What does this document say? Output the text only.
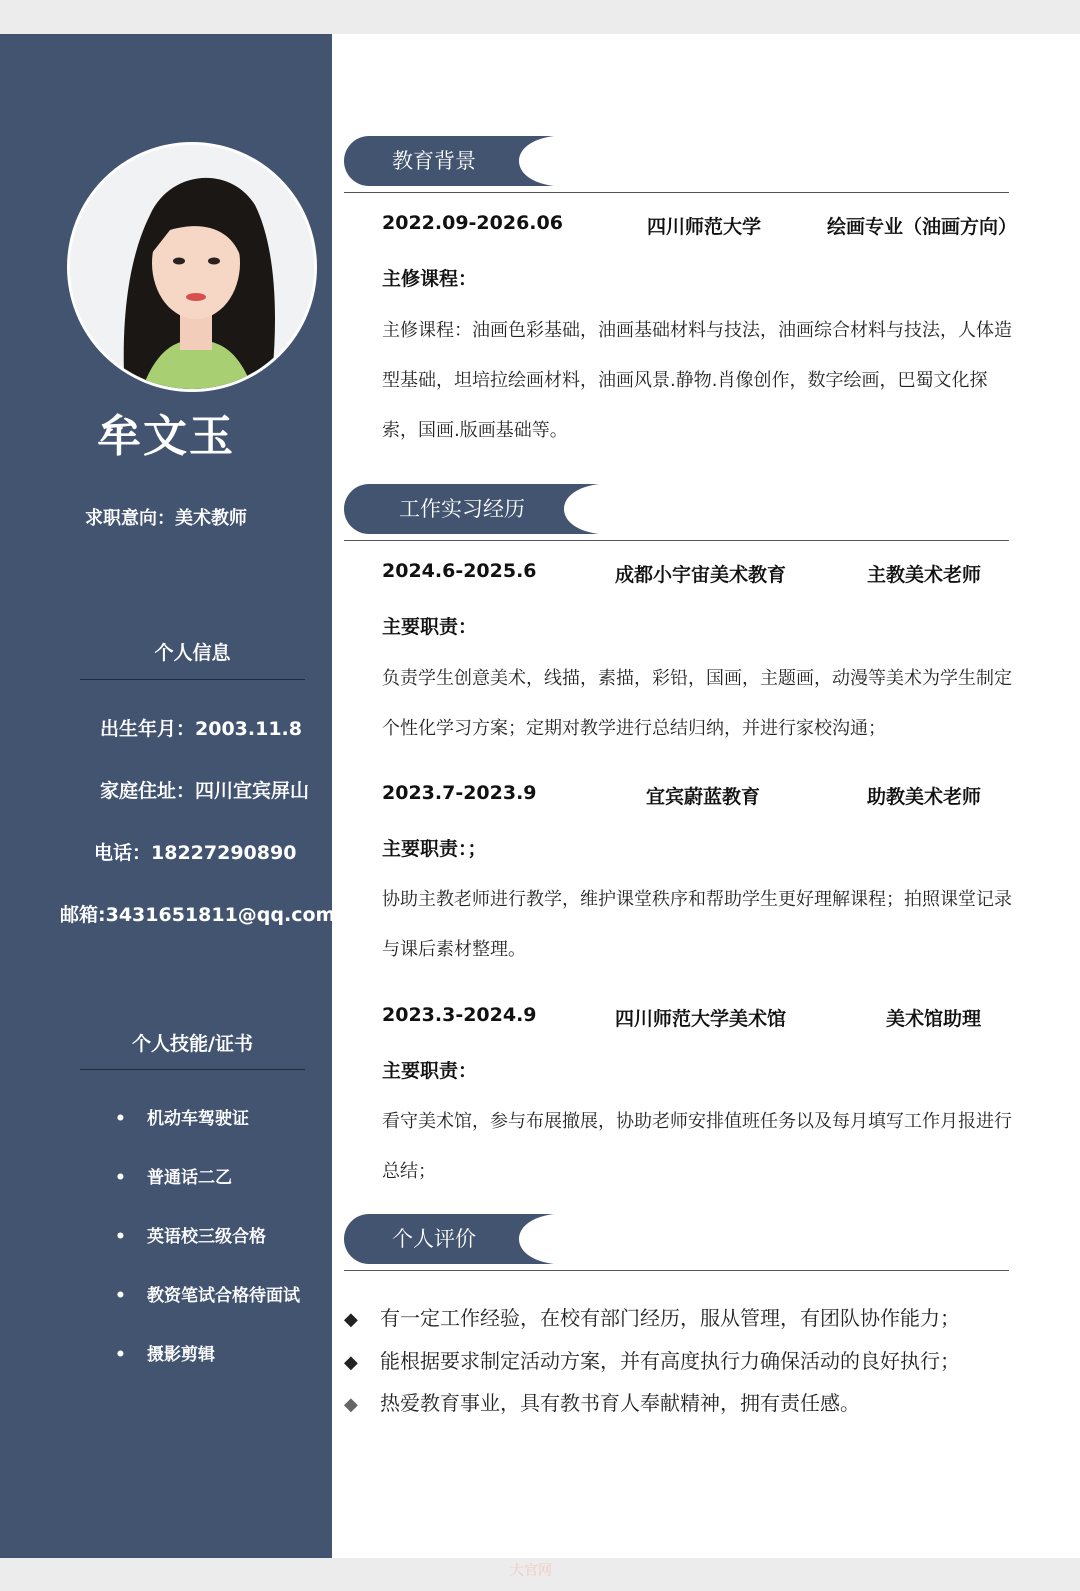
牟文玉
求职意向：美术教师
个人信息
出生年月：2003.11.8
家庭住址：四川宜宾屏山
电话：18227290890
邮箱:3431651811@qq.com
个人技能/证书
• 机动车驾驶证
• 普通话二乙
• 英语校三级合格
• 教资笔试合格待面试
• 摄影剪辑
教育背景
2022.09-2026.06	四川师范大学	绘画专业（油画方向）
主修课程：
主修课程：油画色彩基础，油画基础材料与技法，油画综合材料与技法，人体造型基础，坦培拉绘画材料，油画风景.静物.肖像创作，数字绘画，巴蜀文化探索，国画.版画基础等。
工作实习经历
2024.6-2025.6	成都小宇宙美术教育	主教美术老师
主要职责：
负责学生创意美术，线描，素描，彩铅，国画，主题画，动漫等美术为学生制定个性化学习方案；定期对教学进行总结归纳，并进行家校沟通；
2023.7-2023.9	宜宾蔚蓝教育	助教美术老师
主要职责：；
协助主教老师进行教学，维护课堂秩序和帮助学生更好理解课程；拍照课堂记录与课后素材整理。
2023.3-2024.9	四川师范大学美术馆	美术馆助理
主要职责：
看守美术馆，参与布展撤展，协助老师安排值班任务以及每月填写工作月报进行总结；
个人评价
◆ 有一定工作经验，在校有部门经历，服从管理，有团队协作能力；
◆ 能根据要求制定活动方案，并有高度执行力确保活动的良好执行；
◆ 热爱教育事业，具有教书育人奉献精神，拥有责任感。
大官网
